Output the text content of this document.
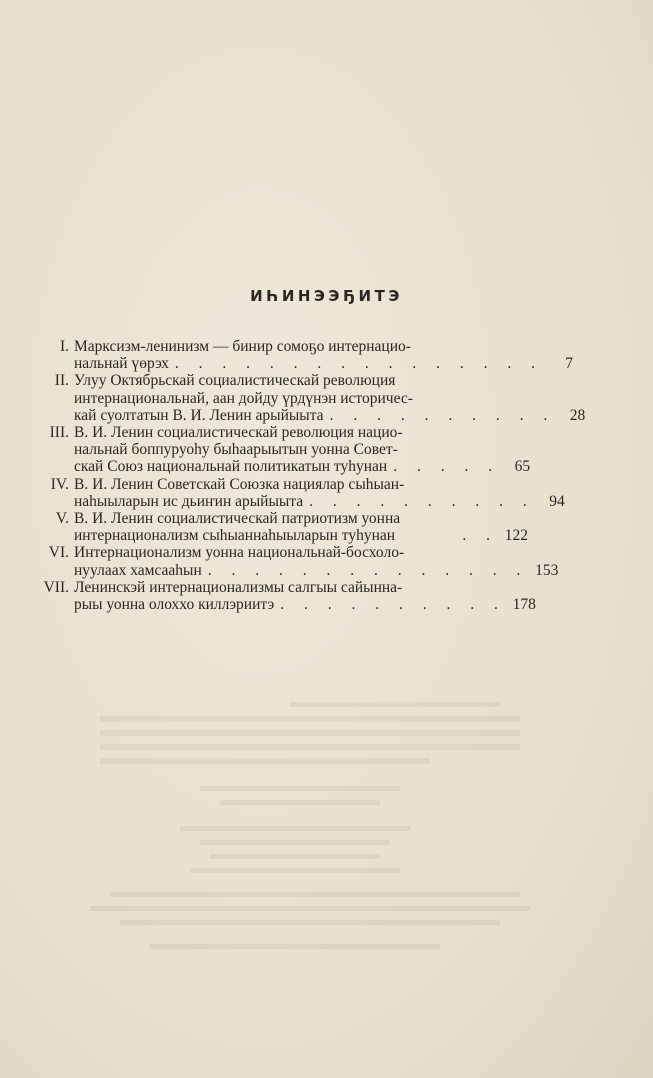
ИҺИНЭЭҔИТЭ
I. Марксизм-ленинизм — бинир сомоҕо интернацио-
нальнай үөрэх . . . . . . . . . . . . . . . .	7
II. Улуу Октябрьскай социалистическай революция
интернациональнай, аан дойду үрдүнэн историчес-
кай суолтатын В. И. Ленин арыйыыта . . . . . . . . . . 28
III. В. И. Ленин социалистическай революция нацио-
нальнай боппуруоһу быһаарыытын уонна Совет-
скай Союз национальнай политикатын туһунан . . . . . 65
IV. В. И. Ленин Советскай Союзка нациялар сыһыан-
наһыыларын ис дьиҥин арыйыыта . . . . . . . . . . 94
V. В. И. Ленин социалистическай патриотизм уонна
интернационализм сыһыаннаһыыларын туһунан	. . 122
VI. Интернационализм уонна национальнай-босхоло-
нуулаах хамсааһын . . . . . . . . . . . . . . 153
VII. Ленинскэй интернационализмы салгыы сайынна-
рыы уонна олоххо киллэриитэ . . . . . . . . . . 178
